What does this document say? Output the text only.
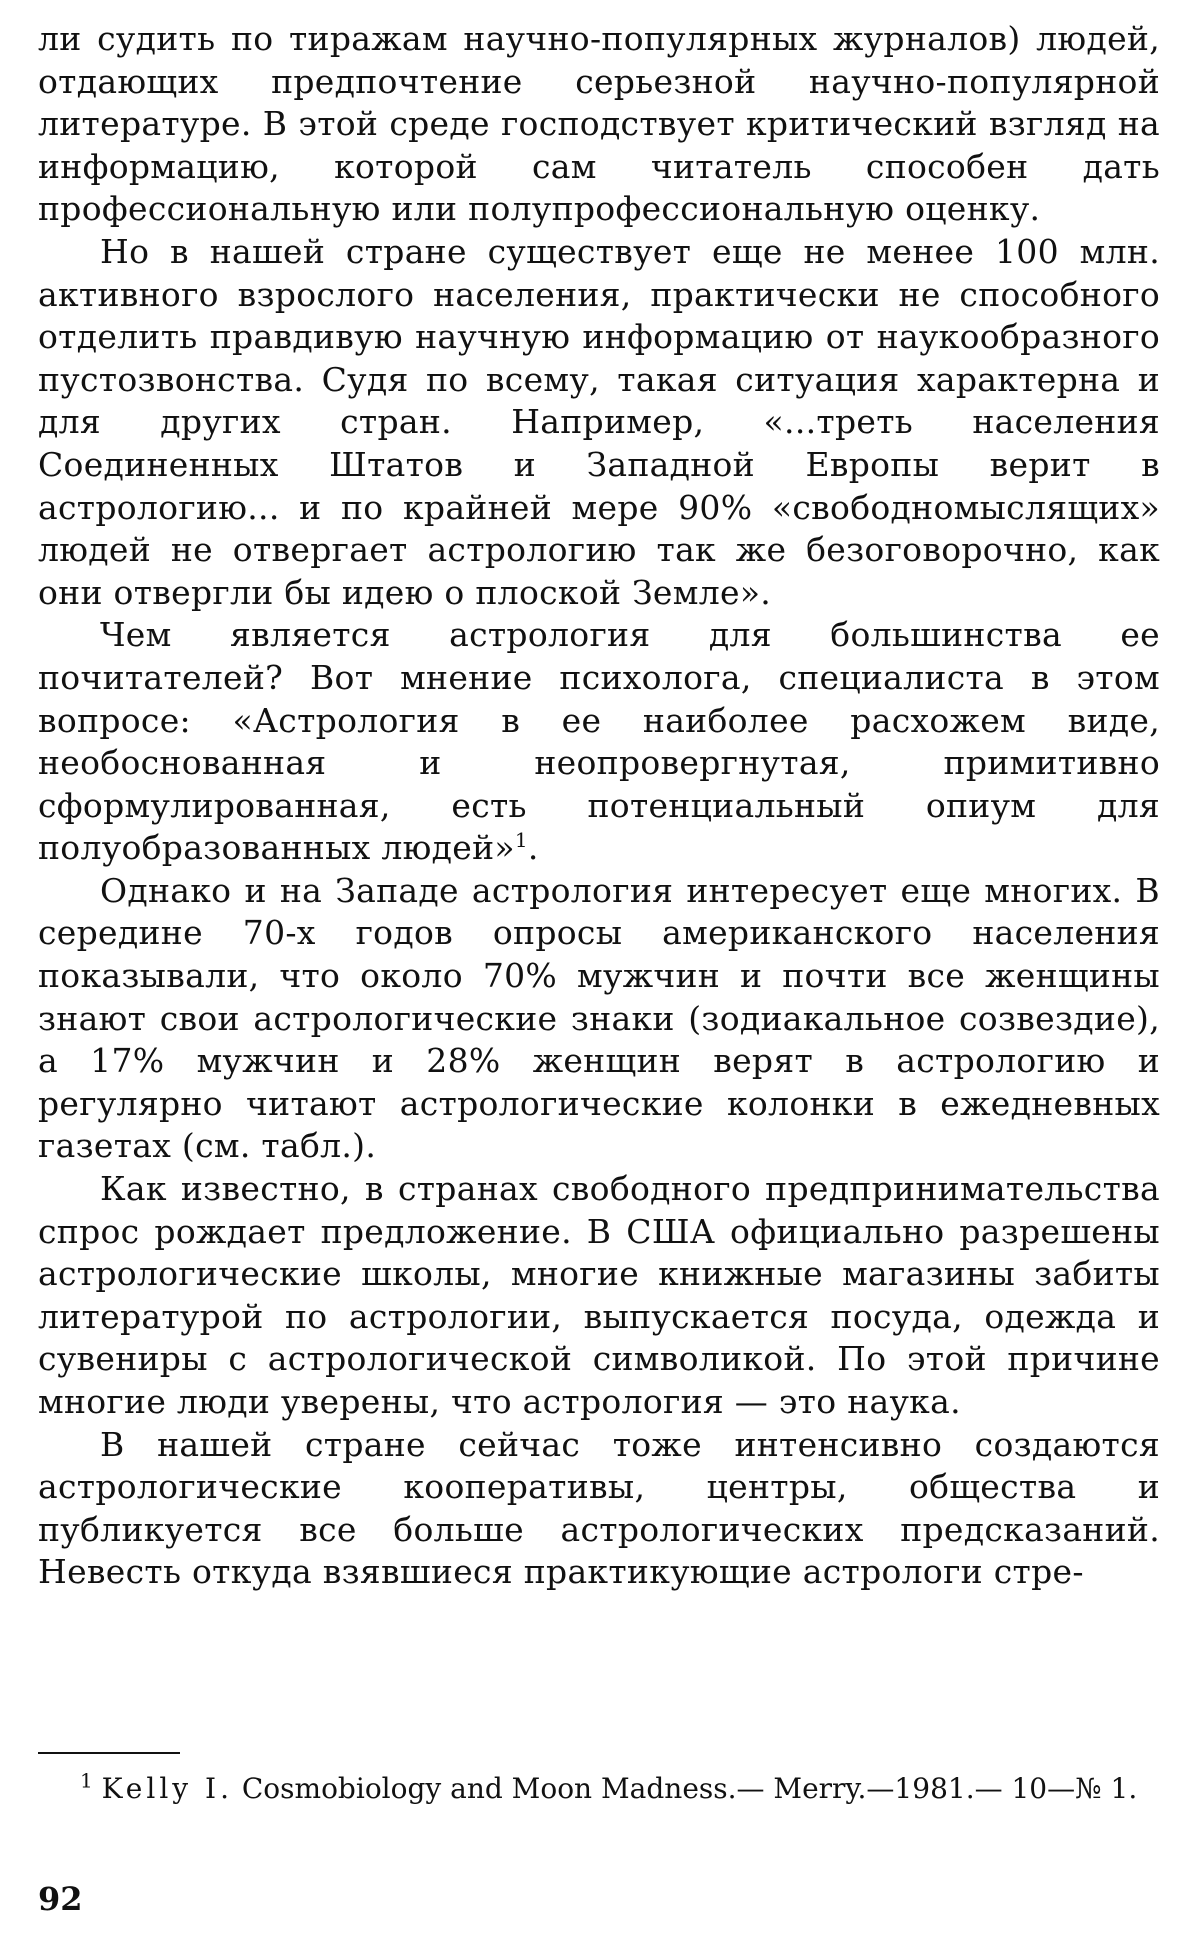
ли судить по тиражам научно-популярных журналов) людей, отдающих предпочтение серьезной научно-популярной литературе. В этой среде господствует критический взгляд на информацию, которой сам читатель способен дать профессиональную или полупрофессиональную оценку.

Но в нашей стране существует еще не менее 100 млн. активного взрослого населения, практически не способного отделить правдивую научную информацию от наукообразного пустозвонства. Судя по всему, такая ситуация характерна и для других стран. Например, «...треть населения Соединенных Штатов и Западной Европы верит в астрологию... и по крайней мере 90% «свободномыслящих» людей не отвергает астрологию так же безоговорочно, как они отвергли бы идею о плоской Земле».

Чем является астрология для большинства ее почитателей? Вот мнение психолога, специалиста в этом вопросе: «Астрология в ее наиболее расхожем виде, необоснованная и неопровергнутая, примитивно сформулированная, есть потенциальный опиум для полуобразованных людей»$^1$.

Однако и на Западе астрология интересует еще многих. В середине 70-х годов опросы американского населения показывали, что около 70% мужчин и почти все женщины знают свои астрологические знаки (зодиакальное созвездие), а 17% мужчин и 28% женщин верят в астрологию и регулярно читают астрологические колонки в ежедневных газетах (см. табл.).

Как известно, в странах свободного предпринимательства спрос рождает предложение. В США официально разрешены астрологические школы, многие книжные магазины забиты литературой по астрологии, выпускается посуда, одежда и сувениры с астрологической символикой. По этой причине многие люди уверены, что астрология — это наука.

В нашей стране сейчас тоже интенсивно создаются астрологические кооперативы, центры, общества и публикуется все больше астрологических предсказаний. Невесть откуда взявшиеся практикующие астрологи стре-

$^1$ Kelly I. Cosmobiology and Moon Madness.— Merry.—1981.— 10—№ 1.
92
